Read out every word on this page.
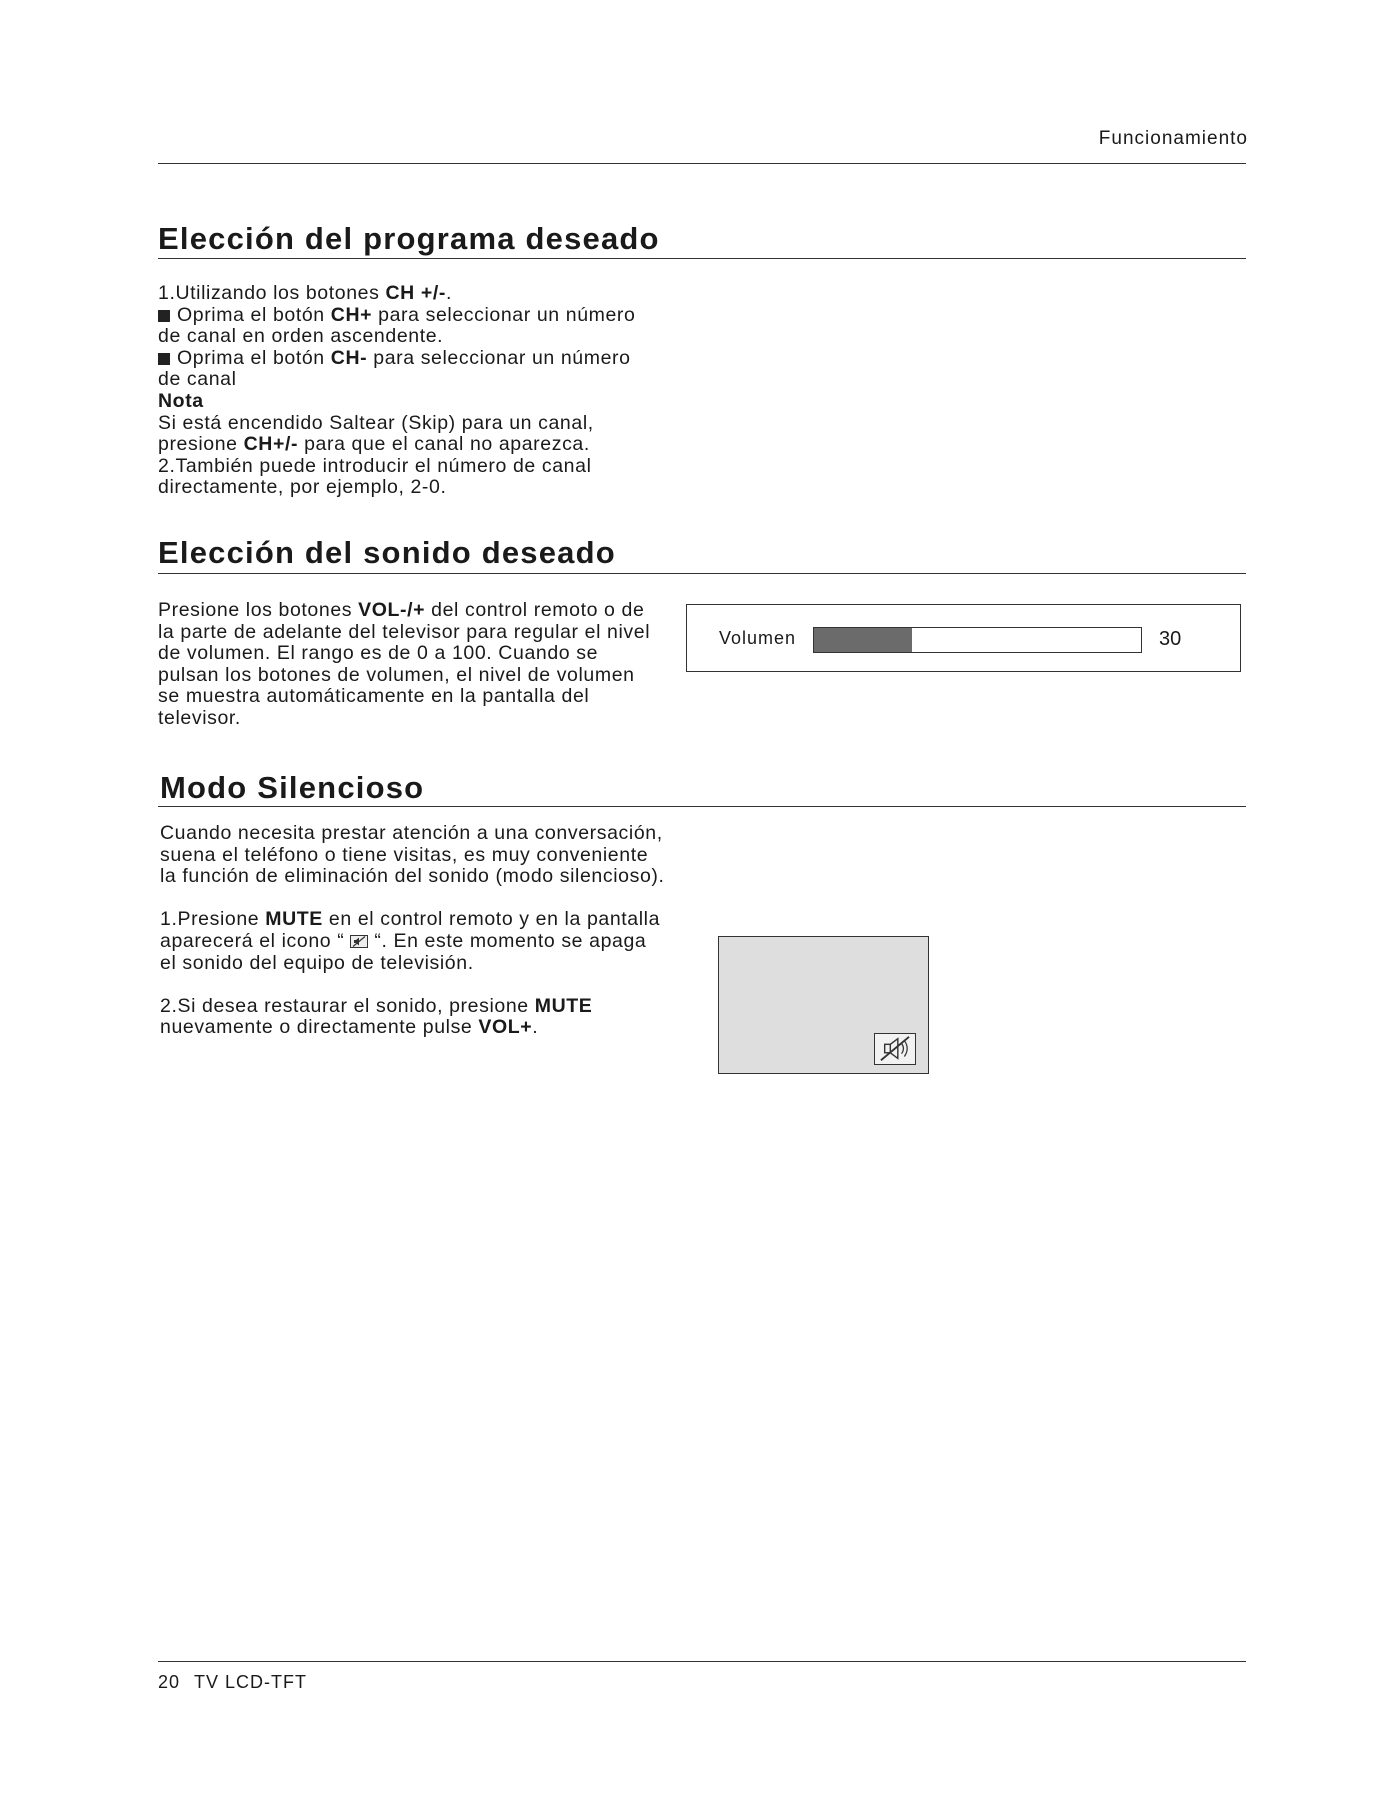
Funcionamiento
Elección del programa deseado

1.Utilizando los botones CH +/-.

Oprima el botón CH+ para seleccionar un número

de canal en orden ascendente.

Oprima el botón CH- para seleccionar un número

de canal

Nota

Si está encendido Saltear (Skip) para un canal,

presione CH+/- para que el canal no aparezca.

2.También puede introducir el número de canal

directamente, por ejemplo, 2-0.

Elección del sonido deseado

Presione los botones VOL-/+ del control remoto o de

la parte de adelante del televisor para regular el nivel

de volumen. El rango es de 0 a 100. Cuando se

pulsan los botones de volumen, el nivel de volumen

se muestra automáticamente en la pantalla del

televisor.

Volumen	30
Modo Silencioso

Cuando necesita prestar atención a una conversación,

suena el teléfono o tiene visitas, es muy conveniente

la función de eliminación del sonido (modo silencioso).

1.Presione MUTE en el control remoto y en la pantalla

aparecerá el icono “ “. En este momento se apaga

el sonido del equipo de televisión.

2.Si desea restaurar el sonido, presione MUTE

nuevamente o directamente pulse VOL+.

20 TV LCD-TFT
